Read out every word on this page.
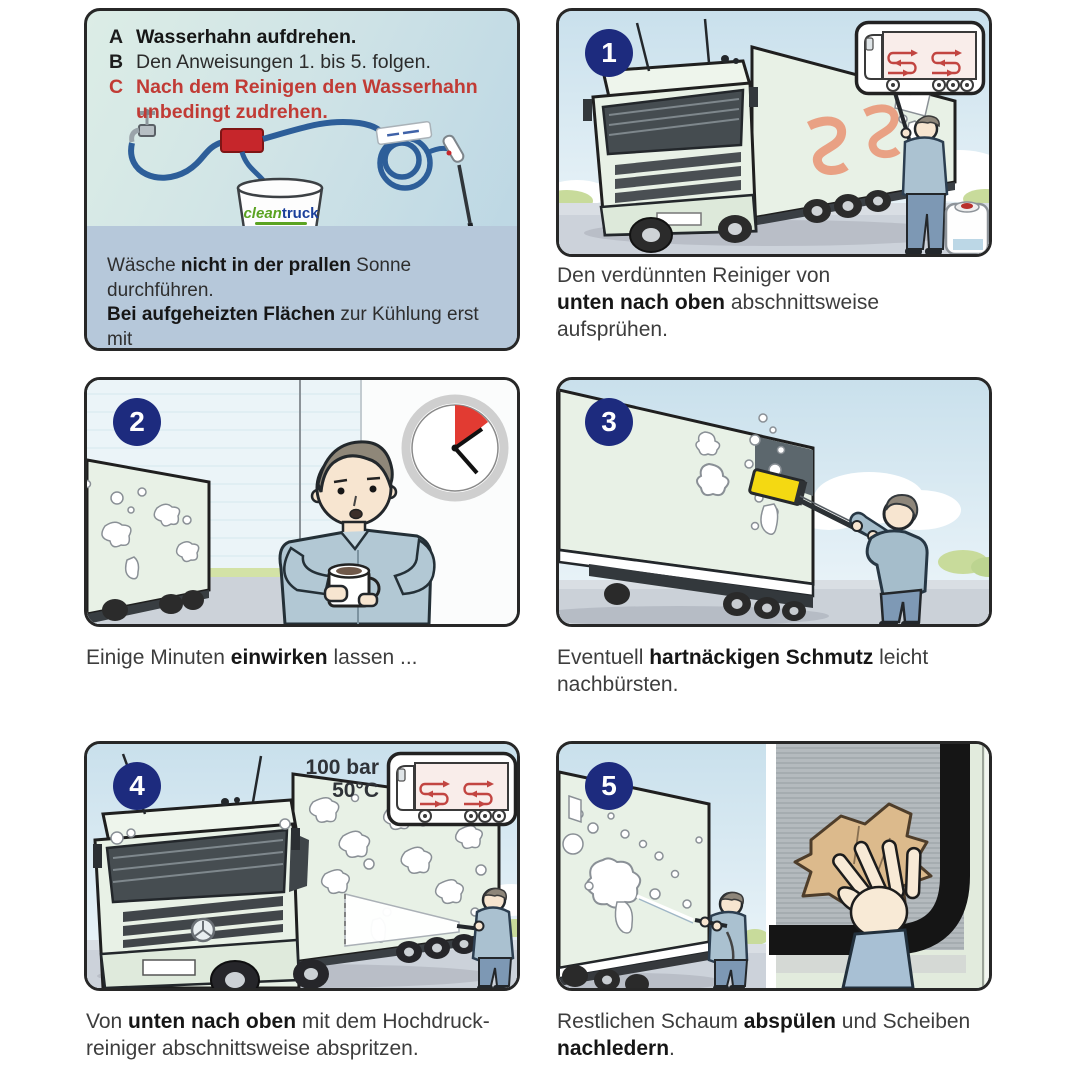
A Wasserhahn aufdrehen.
B Den Anweisungen 1. bis 5. folgen.
C Nach dem Reinigen den Wasserhahn
unbedingt zudrehen.
cleantruck
Wäsche nicht in der prallen Sonne durchführen.
Bei aufgeheizten Flächen zur Kühlung erst mit
1
2	3
100 bar
50°C
4	5
Den verdünnten Reiniger von
unten nach oben abschnittsweise
aufsprühen.
Einige Minuten einwirken lassen ...	Eventuell hartnäckigen Schmutz leicht
nachbürsten.
Von unten nach oben mit dem Hochdruck-
reiniger abschnittsweise abspritzen.
Restlichen Schaum abspülen und Scheiben
nachledern.
